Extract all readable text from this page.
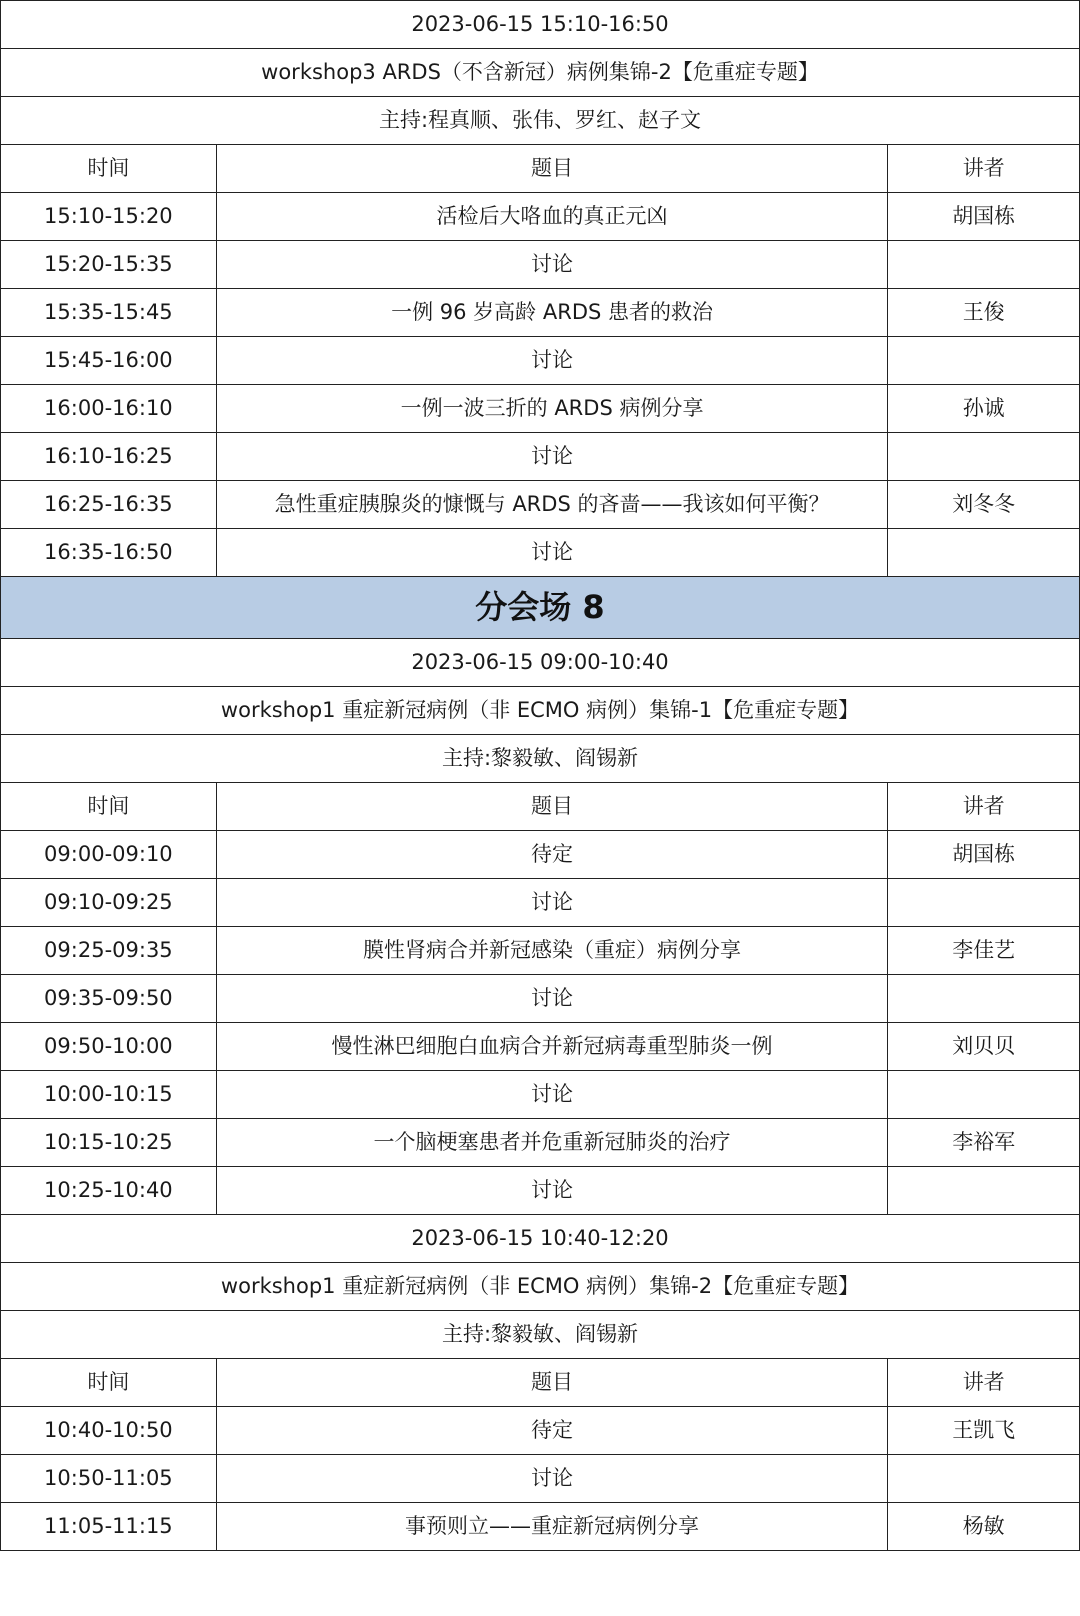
2023-06-15 15:10-16:50		
workshop3 ARDS（不含新冠）病例集锦-2【危重症专题】		
主持:程真顺、张伟、罗红、赵子文		
时间	题目	讲者
15:10-15:20	活检后大咯血的真正元凶	胡国栋
15:20-15:35	讨论	
15:35-15:45	一例 96 岁高龄 ARDS 患者的救治	王俊
15:45-16:00	讨论	
16:00-16:10	一例一波三折的 ARDS 病例分享	孙诚
16:10-16:25	讨论	
16:25-16:35	急性重症胰腺炎的慷慨与 ARDS 的吝啬——我该如何平衡？	刘冬冬
16:35-16:50	讨论	
分会场 8		
2023-06-15 09:00-10:40		
workshop1 重症新冠病例（非 ECMO 病例）集锦-1【危重症专题】		
主持:黎毅敏、阎锡新		
时间	题目	讲者
09:00-09:10	待定	胡国栋
09:10-09:25	讨论	
09:25-09:35	膜性肾病合并新冠感染（重症）病例分享	李佳艺
09:35-09:50	讨论	
09:50-10:00	慢性淋巴细胞白血病合并新冠病毒重型肺炎一例	刘贝贝
10:00-10:15	讨论	
10:15-10:25	一个脑梗塞患者并危重新冠肺炎的治疗	李裕军
10:25-10:40	讨论	
2023-06-15 10:40-12:20		
workshop1 重症新冠病例（非 ECMO 病例）集锦-2【危重症专题】		
主持:黎毅敏、阎锡新		
时间	题目	讲者
10:40-10:50	待定	王凯飞
10:50-11:05	讨论	
11:05-11:15	事预则立——重症新冠病例分享	杨敏
